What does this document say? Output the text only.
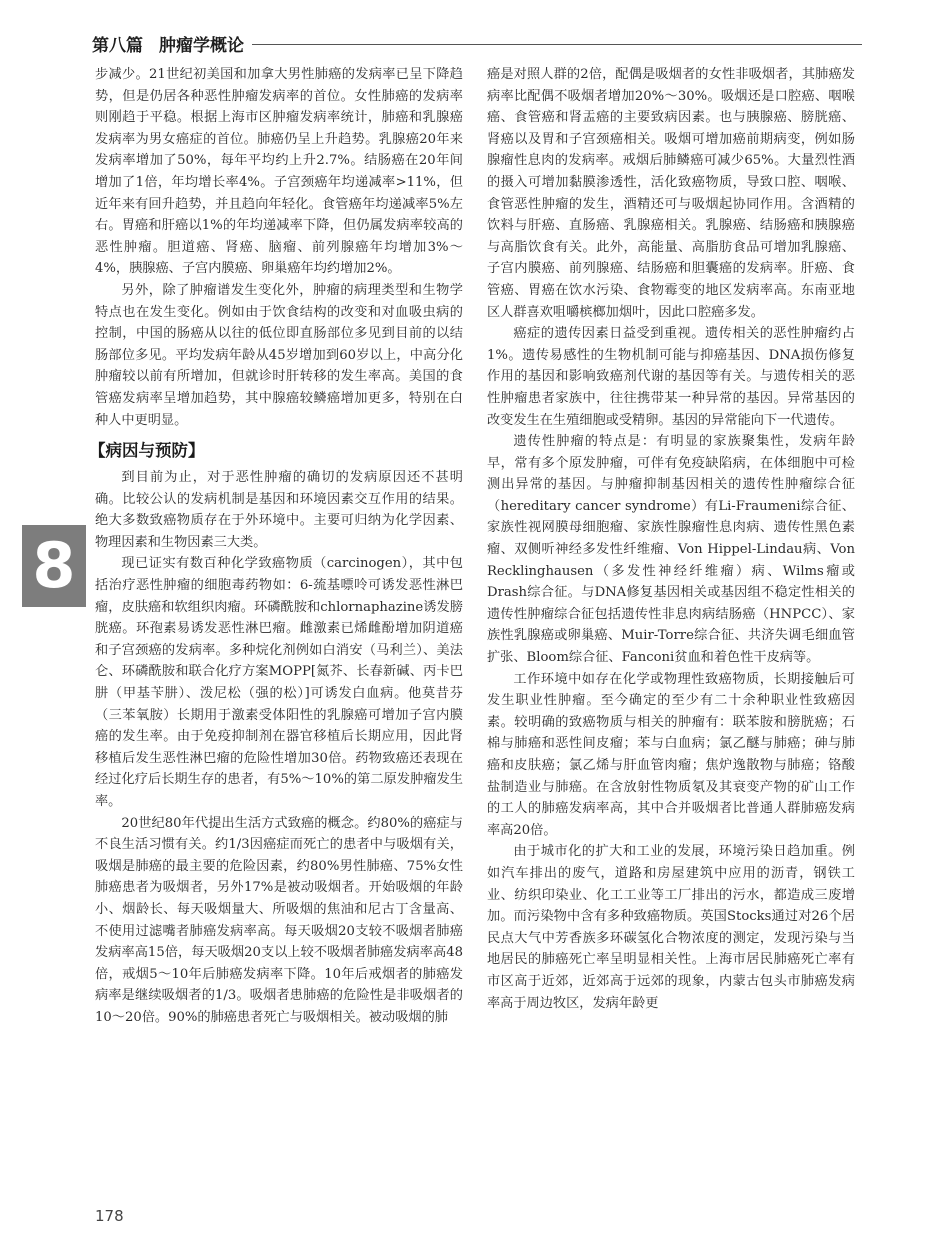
第八篇 肿瘤学概论
8

步减少。21世纪初美国和加拿大男性肺癌的发病率已呈下降趋势，但是仍居各种恶性肿瘤发病率的首位。女性肺癌的发病率则刚趋于平稳。根据上海市区肿瘤发病率统计，肺癌和乳腺癌发病率为男女癌症的首位。肺癌仍呈上升趋势。乳腺癌20年来发病率增加了50%，每年平均约上升2.7%。结肠癌在20年间增加了1倍，年均增长率4%。子宫颈癌年均递减率>11%，但近年来有回升趋势，并且趋向年轻化。食管癌年均递减率5%左右。胃癌和肝癌以1%的年均递减率下降，但仍属发病率较高的恶性肿瘤。胆道癌、肾癌、脑瘤、前列腺癌年均增加3%～4%，胰腺癌、子宫内膜癌、卵巢癌年均约增加2%。

另外，除了肿瘤谱发生变化外，肿瘤的病理类型和生物学特点也在发生变化。例如由于饮食结构的改变和对血吸虫病的控制，中国的肠癌从以往的低位即直肠部位多见到目前的以结肠部位多见。平均发病年龄从45岁增加到60岁以上，中高分化肿瘤较以前有所增加，但就诊时肝转移的发生率高。美国的食管癌发病率呈增加趋势，其中腺癌较鳞癌增加更多，特别在白种人中更明显。

【病因与预防】

到目前为止，对于恶性肿瘤的确切的发病原因还不甚明确。比较公认的发病机制是基因和环境因素交互作用的结果。绝大多数致癌物质存在于外环境中。主要可归纳为化学因素、物理因素和生物因素三大类。

现已证实有数百种化学致癌物质（carcinogen），其中包括治疗恶性肿瘤的细胞毒药物如：6-巯基嘌呤可诱发恶性淋巴瘤，皮肤癌和软组织肉瘤。环磷酰胺和chlornaphazine诱发膀胱癌。环孢素易诱发恶性淋巴瘤。雌激素已烯雌酚增加阴道癌和子宫颈癌的发病率。多种烷化剂例如白消安（马利兰）、美法仑、环磷酰胺和联合化疗方案MOPP[氮芥、长春新碱、丙卡巴肼（甲基苄肼）、泼尼松（强的松）]可诱发白血病。他莫昔芬（三苯氧胺）长期用于激素受体阳性的乳腺癌可增加子宫内膜癌的发生率。由于免疫抑制剂在器官移植后长期应用，因此肾移植后发生恶性淋巴瘤的危险性增加30倍。药物致癌还表现在经过化疗后长期生存的患者，有5%～10%的第二原发肿瘤发生率。

20世纪80年代提出生活方式致癌的概念。约80%的癌症与不良生活习惯有关。约1/3因癌症而死亡的患者中与吸烟有关，吸烟是肺癌的最主要的危险因素，约80%男性肺癌、75%女性肺癌患者为吸烟者，另外17%是被动吸烟者。开始吸烟的年龄小、烟龄长、每天吸烟量大、所吸烟的焦油和尼古丁含量高、不使用过滤嘴者肺癌发病率高。每天吸烟20支较不吸烟者肺癌发病率高15倍，每天吸烟20支以上较不吸烟者肺癌发病率高48倍，戒烟5～10年后肺癌发病率下降。10年后戒烟者的肺癌发病率是继续吸烟者的1/3。吸烟者患肺癌的危险性是非吸烟者的10～20倍。90%的肺癌患者死亡与吸烟相关。被动吸烟的肺

癌是对照人群的2倍，配偶是吸烟者的女性非吸烟者，其肺癌发病率比配偶不吸烟者增加20%～30%。吸烟还是口腔癌、咽喉癌、食管癌和肾盂癌的主要致病因素。也与胰腺癌、膀胱癌、肾癌以及胃和子宫颈癌相关。吸烟可增加癌前期病变，例如肠腺瘤性息肉的发病率。戒烟后肺鳞癌可减少65%。大量烈性酒的摄入可增加黏膜渗透性，活化致癌物质，导致口腔、咽喉、食管恶性肿瘤的发生，酒精还可与吸烟起协同作用。含酒精的饮料与肝癌、直肠癌、乳腺癌相关。乳腺癌、结肠癌和胰腺癌与高脂饮食有关。此外，高能量、高脂肪食品可增加乳腺癌、子宫内膜癌、前列腺癌、结肠癌和胆囊癌的发病率。肝癌、食管癌、胃癌在饮水污染、食物霉变的地区发病率高。东南亚地区人群喜欢咀嚼槟榔加烟叶，因此口腔癌多发。

癌症的遗传因素日益受到重视。遗传相关的恶性肿瘤约占1%。遗传易感性的生物机制可能与抑癌基因、DNA损伤修复作用的基因和影响致癌剂代谢的基因等有关。与遗传相关的恶性肿瘤患者家族中，往往携带某一种异常的基因。异常基因的改变发生在生殖细胞或受精卵。基因的异常能向下一代遗传。

遗传性肿瘤的特点是：有明显的家族聚集性，发病年龄早，常有多个原发肿瘤，可伴有免疫缺陷病，在体细胞中可检测出异常的基因。与肿瘤抑制基因相关的遗传性肿瘤综合征（hereditary cancer syndrome）有Li-Fraumeni综合征、家族性视网膜母细胞瘤、家族性腺瘤性息肉病、遗传性黑色素瘤、双侧听神经多发性纤维瘤、Von Hippel-Lindau病、Von Recklinghausen（多发性神经纤维瘤）病、Wilms瘤或Drash综合征。与DNA修复基因相关或基因组不稳定性相关的遗传性肿瘤综合征包括遗传性非息肉病结肠癌（HNPCC）、家族性乳腺癌或卵巢癌、Muir-Torre综合征、共济失调毛细血管扩张、Bloom综合征、Fanconi贫血和着色性干皮病等。

工作环境中如存在化学或物理性致癌物质，长期接触后可发生职业性肿瘤。至今确定的至少有二十余种职业性致癌因素。较明确的致癌物质与相关的肿瘤有：联苯胺和膀胱癌；石棉与肺癌和恶性间皮瘤；苯与白血病；氯乙醚与肺癌；砷与肺癌和皮肤癌；氯乙烯与肝血管肉瘤；焦炉逸散物与肺癌；铬酸盐制造业与肺癌。在含放射性物质氡及其衰变产物的矿山工作的工人的肺癌发病率高，其中合并吸烟者比普通人群肺癌发病率高20倍。

由于城市化的扩大和工业的发展，环境污染日趋加重。例如汽车排出的废气，道路和房屋建筑中应用的沥青，钢铁工业、纺织印染业、化工工业等工厂排出的污水，都造成三废增加。而污染物中含有多种致癌物质。英国Stocks通过对26个居民点大气中芳香族多环碳氢化合物浓度的测定，发现污染与当地居民的肺癌死亡率呈明显相关性。上海市居民肺癌死亡率有市区高于近郊，近郊高于远郊的现象，内蒙古包头市肺癌发病率高于周边牧区，发病年龄更

178
